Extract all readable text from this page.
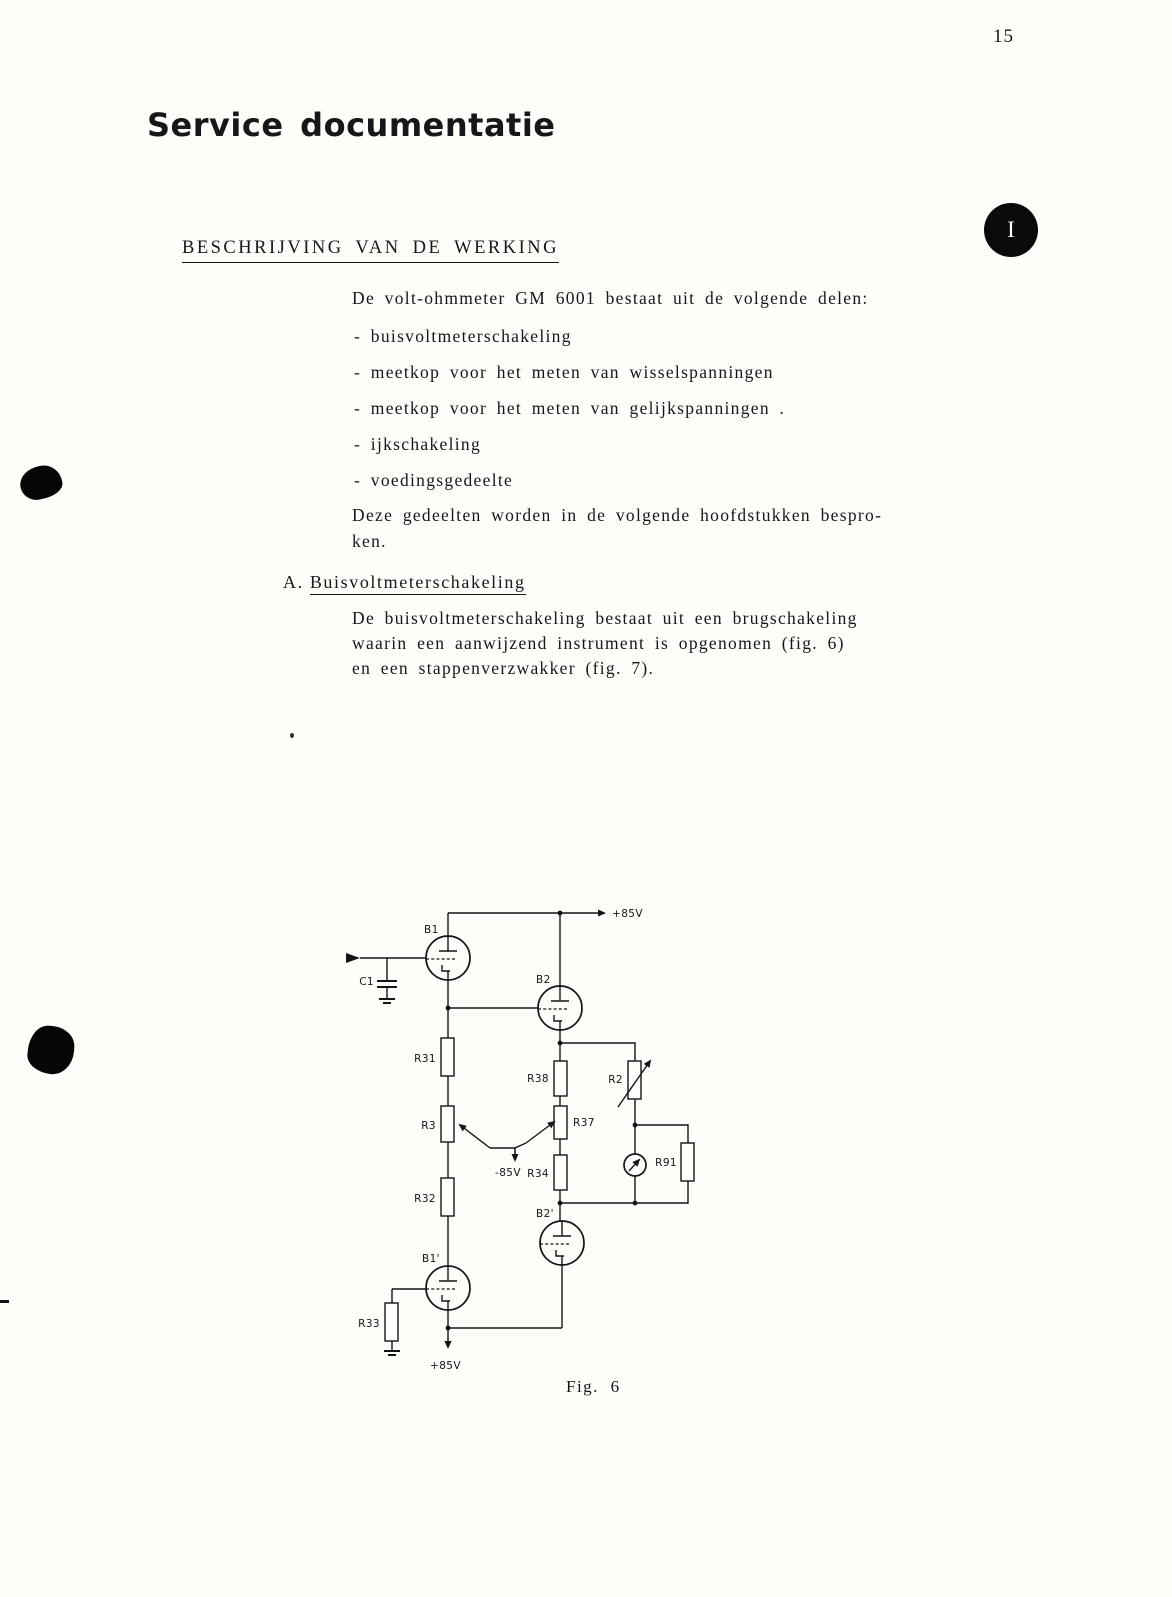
15
Service documentatie
I
BESCHRIJVING VAN DE WERKING
De volt-ohmmeter GM 6001 bestaat uit de volgende delen:
- buisvoltmeterschakeling
- meetkop voor het meten van wisselspanningen
- meetkop voor het meten van gelijkspanningen .
- ijkschakeling
- voedingsgedeelte
Deze gedeelten worden in de volgende hoofdstukken bespro-
ken.
A. Buisvoltmeterschakeling
De buisvoltmeterschakeling bestaat uit een brugschakeling
waarin een aanwijzend instrument is opgenomen (fig. 6)
en een stappenverzwakker (fig. 7).
+85V
C1
B1
B2
R31
R3
-85V
R32
B1'
R33
+85V
R38
R37
R34
B2'
R2
R91
Fig. 6
